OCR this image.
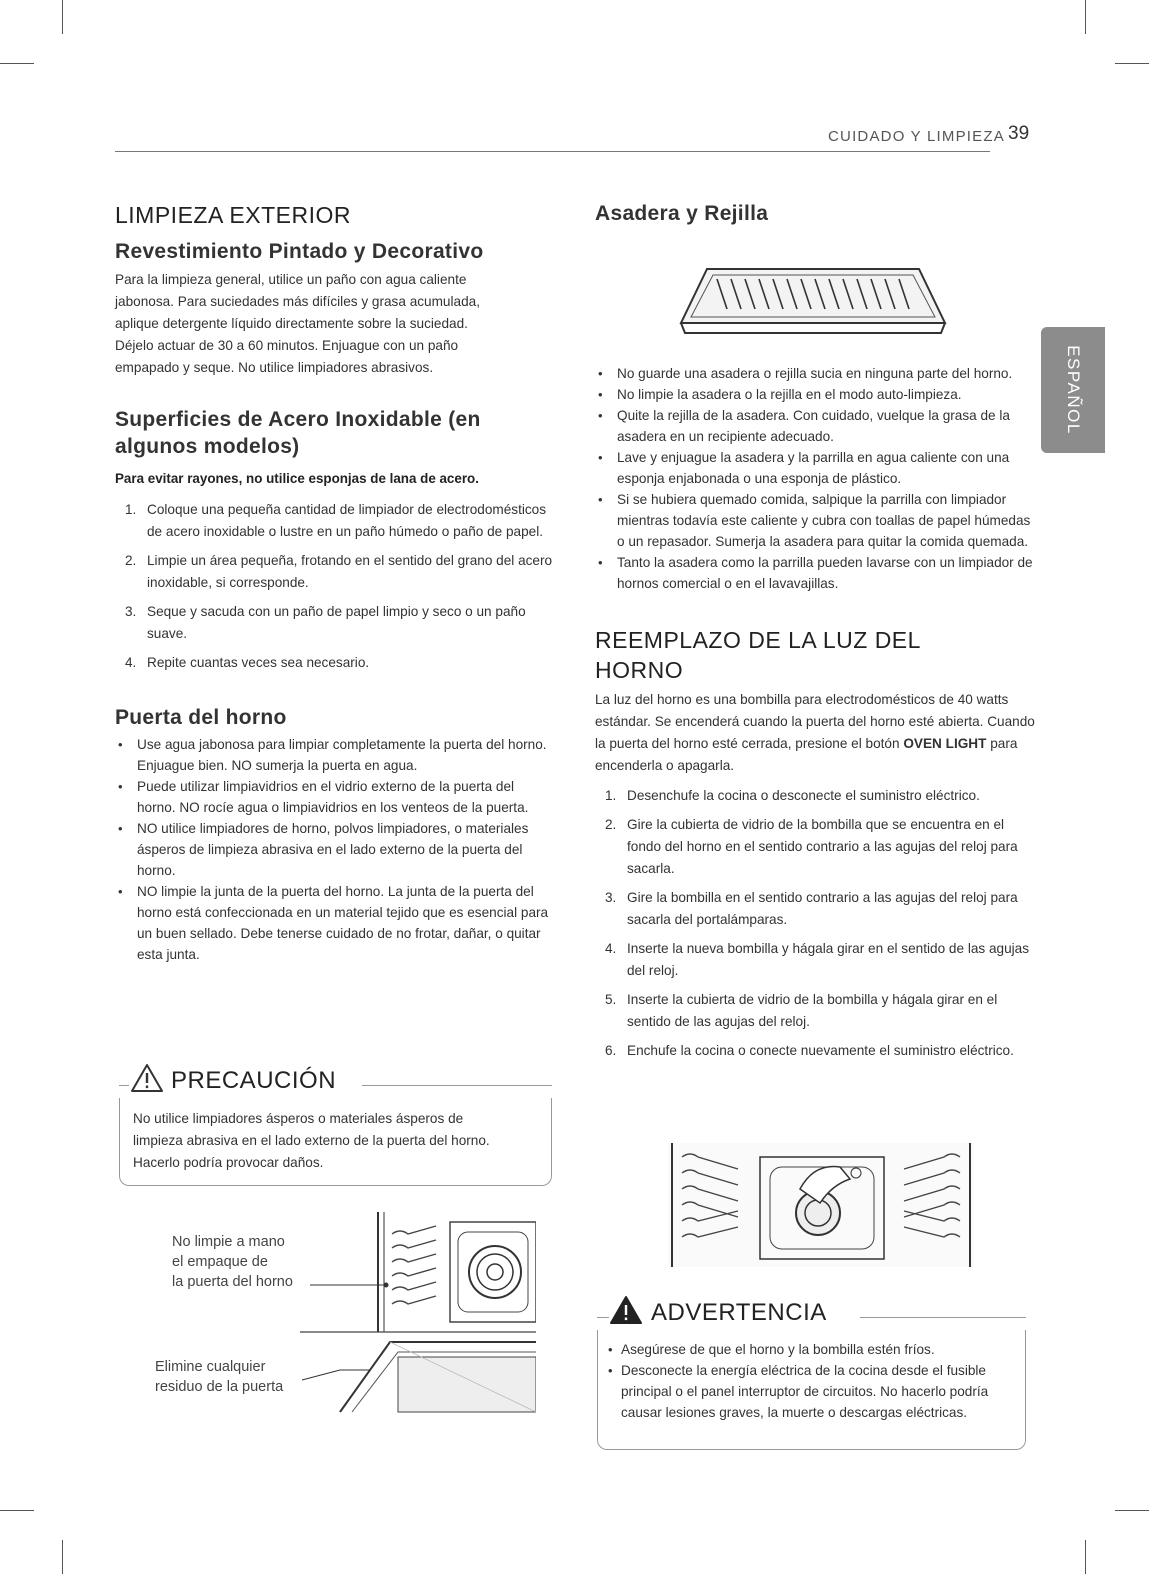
CUIDADO Y LIMPIEZA 39
ESPAÑOL
LIMPIEZA EXTERIOR
Revestimiento Pintado y Decorativo

Para la limpieza general, utilice un paño con agua caliente

jabonosa. Para suciedades más difíciles y grasa acumulada,

aplique detergente líquido directamente sobre la suciedad.

Déjelo actuar de 30 a 60 minutos. Enjuague con un paño

empapado y seque. No utilice limpiadores abrasivos.

Superficies de Acero Inoxidable (en
algunos modelos)

Para evitar rayones, no utilice esponjas de lana de acero.

1. Coloque una pequeña cantidad de limpiador de electrodomésticos de acero inoxidable o lustre en un paño húmedo o paño de papel.
2. Limpie un área pequeña, frotando en el sentido del grano del acero inoxidable, si corresponde.
3. Seque y sacuda con un paño de papel limpio y seco o un paño suave.
4. Repite cuantas veces sea necesario.
Puerta del horno
• Use agua jabonosa para limpiar completamente la puerta del horno. Enjuague bien. NO sumerja la puerta en agua.
• Puede utilizar limpiavidrios en el vidrio externo de la puerta del horno. NO rocíe agua o limpiavidrios en los venteos de la puerta.
• NO utilice limpiadores de horno, polvos limpiadores, o materiales ásperos de limpieza abrasiva en el lado externo de la puerta del horno.
• NO limpie la junta de la puerta del horno. La junta de la puerta del horno está confeccionada en un material tejido que es esencial para un buen sellado. Debe tenerse cuidado de no frotar, dañar, o quitar esta junta.
PRECAUCIÓN

No utilice limpiadores ásperos o materiales ásperos de

limpieza abrasiva en el lado externo de la puerta del horno.

Hacerlo podría provocar daños.

No limpie a mano
el empaque de
la puerta del horno
Elimine cualquier
residuo de la puerta
Asadera y Rejilla
• No guarde una asadera o rejilla sucia en ninguna parte del horno.
• No limpie la asadera o la rejilla en el modo auto-limpieza.
• Quite la rejilla de la asadera. Con cuidado, vuelque la grasa de la asadera en un recipiente adecuado.
• Lave y enjuague la asadera y la parrilla en agua caliente con una esponja enjabonada o una esponja de plástico.
• Si se hubiera quemado comida, salpique la parrilla con limpiador mientras todavía este caliente y cubra con toallas de papel húmedas o un repasador. Sumerja la asadera para quitar la comida quemada.
• Tanto la asadera como la parrilla pueden lavarse con un limpiador de hornos comercial o en el lavavajillas.
REEMPLAZO DE LA LUZ DEL
HORNO

La luz del horno es una bombilla para electrodomésticos de 40 watts estándar. Se encenderá cuando la puerta del horno esté abierta. Cuando la puerta del horno esté cerrada, presione el botón OVEN LIGHT para encenderla o apagarla.

1. Desenchufe la cocina o desconecte el suministro eléctrico.
2. Gire la cubierta de vidrio de la bombilla que se encuentra en el fondo del horno en el sentido contrario a las agujas del reloj para sacarla.
3. Gire la bombilla en el sentido contrario a las agujas del reloj para sacarla del portalámparas.
4. Inserte la nueva bombilla y hágala girar en el sentido de las agujas del reloj.
5. Inserte la cubierta de vidrio de la bombilla y hágala girar en el sentido de las agujas del reloj.
6. Enchufe la cocina o conecte nuevamente el suministro eléctrico.
ADVERTENCIA
• Asegúrese de que el horno y la bombilla estén fríos.
• Desconecte la energía eléctrica de la cocina desde el fusible principal o el panel interruptor de circuitos. No hacerlo podría causar lesiones graves, la muerte o descargas eléctricas.
